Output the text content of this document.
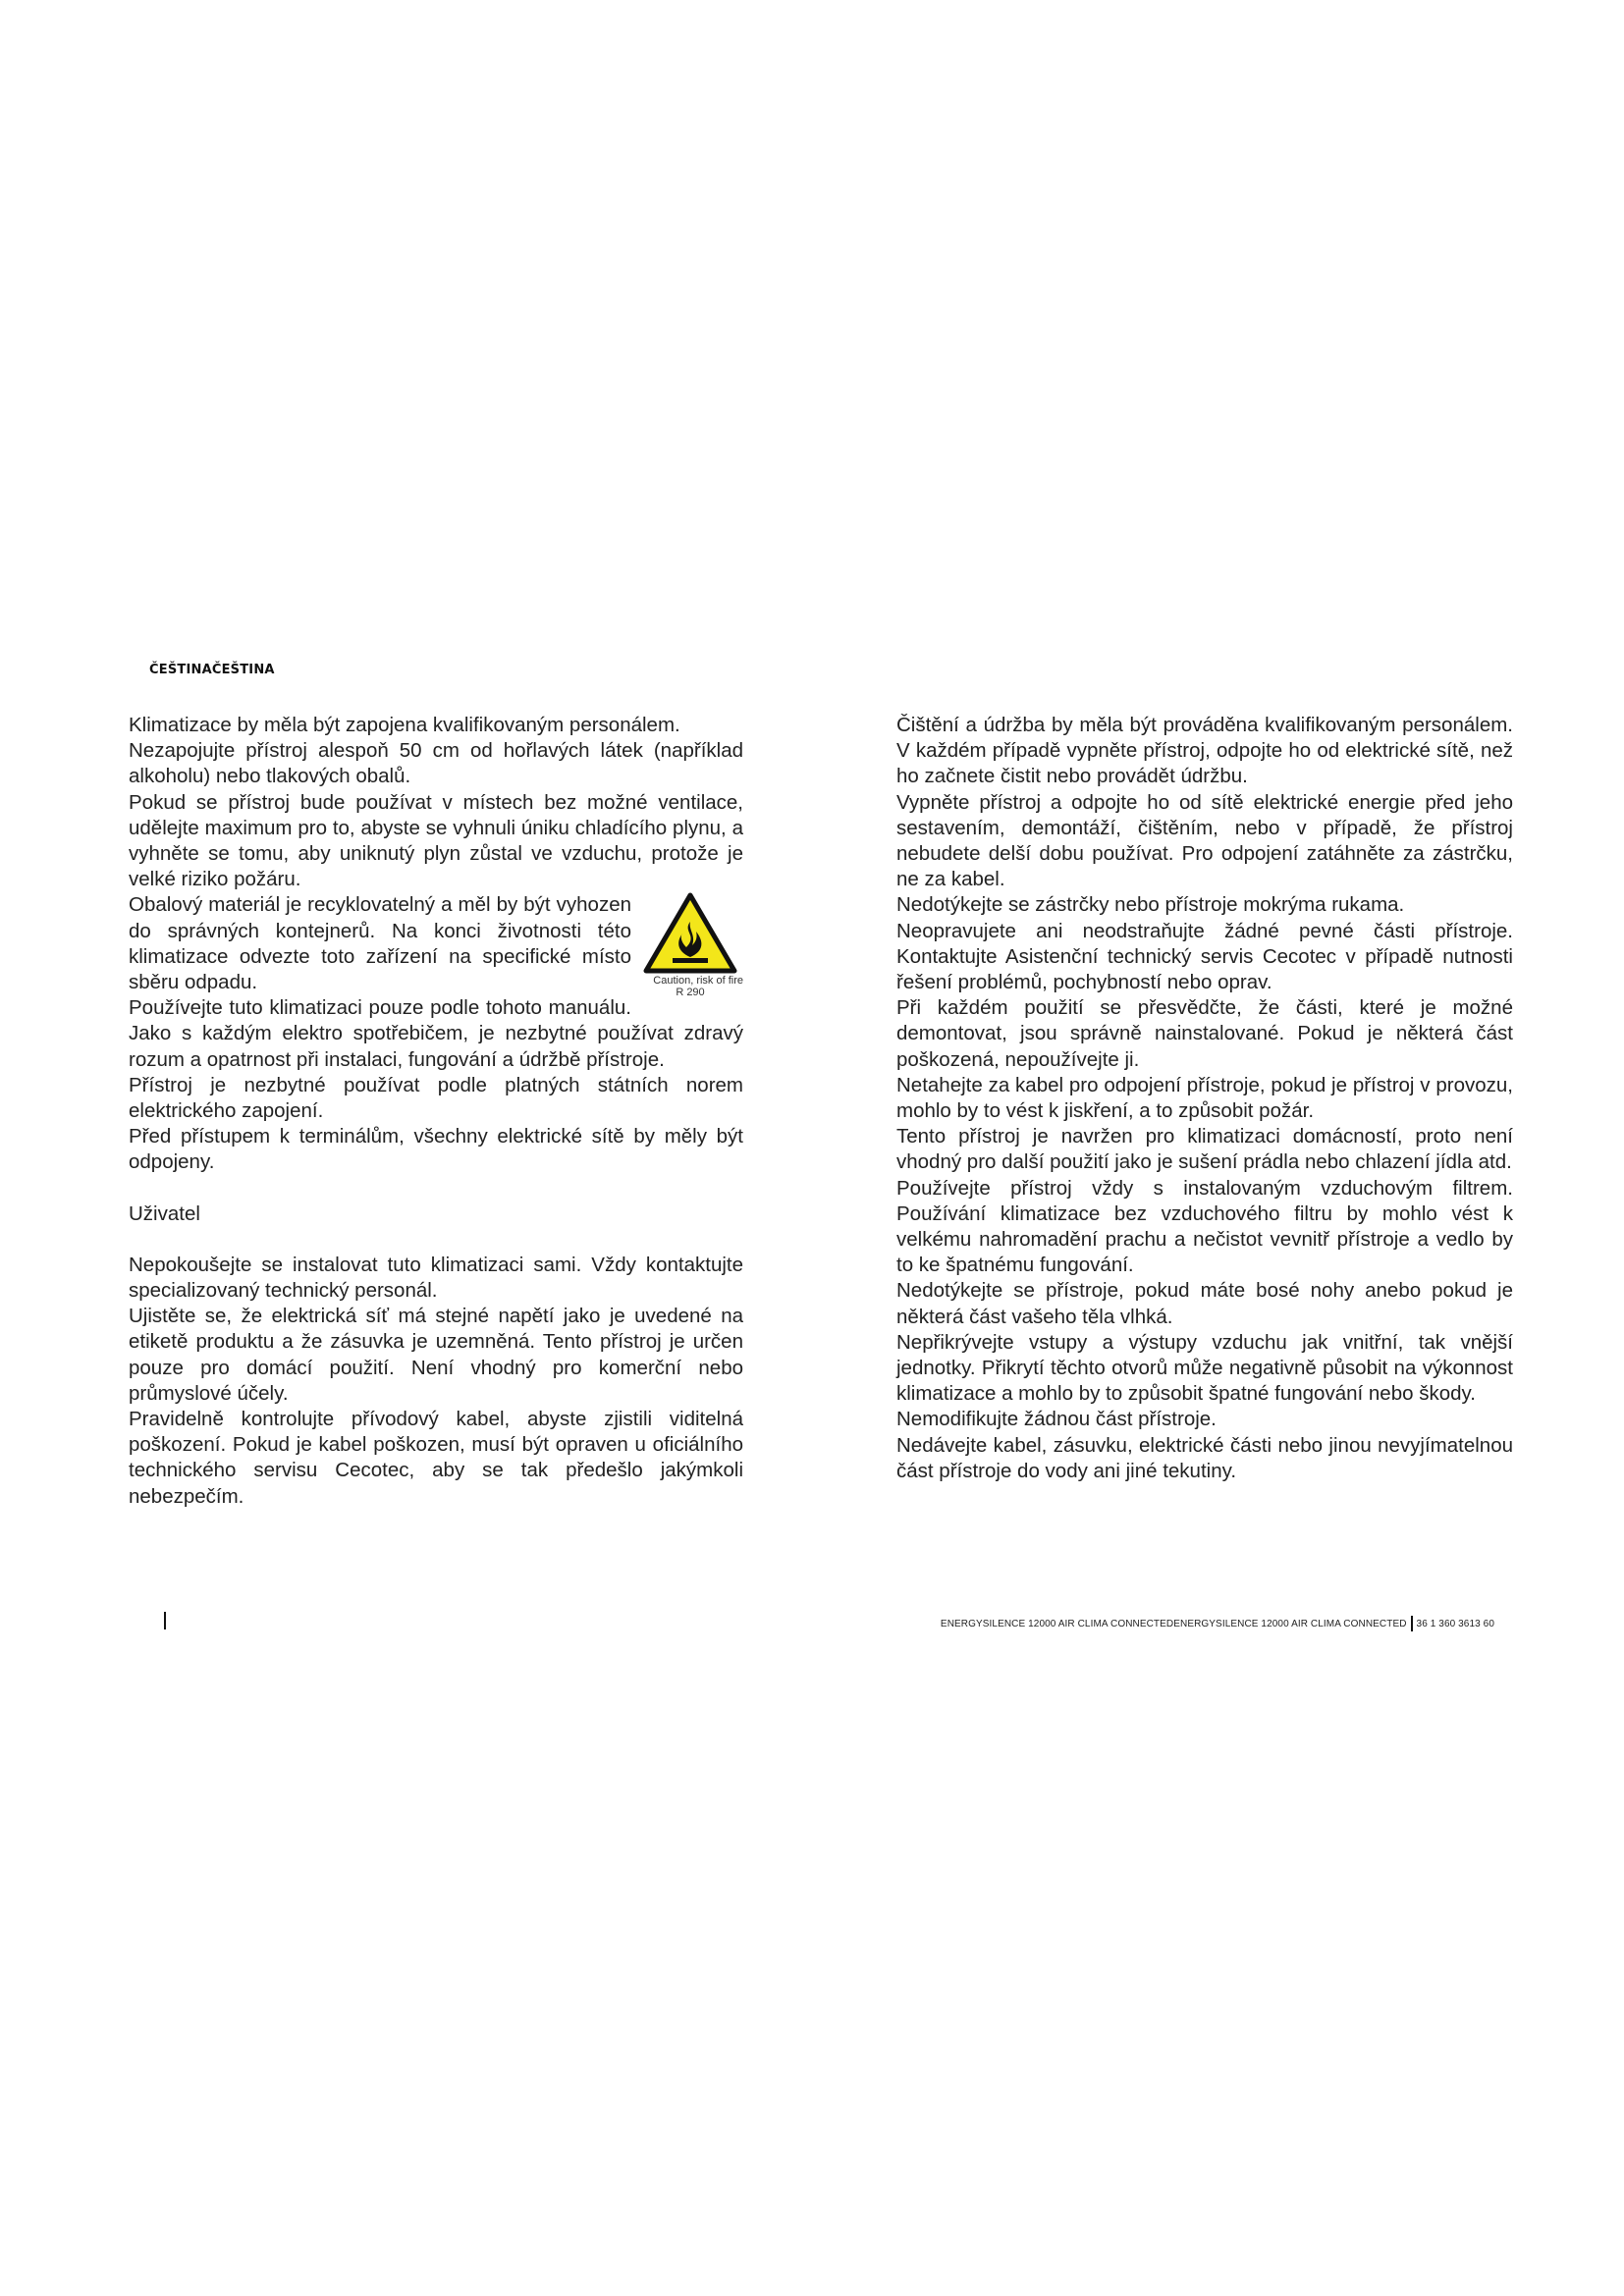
ČEŠTINAČEŠTINA

Klimatizace by měla být zapojena kvalifikovaným personálem.

Nezapojujte přístroj alespoň 50 cm od hořlavých látek (například alkoholu) nebo tlakových obalů.

Pokud se přístroj bude používat v místech bez možné ventilace, udělejte maximum pro to, abyste se vyhnuli úniku chladícího plynu, a vyhněte se tomu, aby uniknutý plyn zůstal ve vzduchu, protože je velké riziko požáru.

Caution, risk of fire
R 290

Obalový materiál je recyklovatelný a měl by být vyhozen do správných kontejnerů. Na konci životnosti této klimatizace odvezte toto zařízení na specifické místo sběru odpadu.

Používejte tuto klimatizaci pouze podle tohoto manuálu. Jako s každým elektro spotřebičem, je nezbytné používat zdravý rozum a opatrnost při instalaci, fungování a údržbě přístroje.

Přístroj je nezbytné používat podle platných státních norem elektrického zapojení.

Před přístupem k terminálům, všechny elektrické sítě by měly být odpojeny.

Uživatel

Nepokoušejte se instalovat tuto klimatizaci sami. Vždy kontaktujte specializovaný technický personál.

Ujistěte se, že elektrická síť má stejné napětí jako je uvedené na etiketě produktu a že zásuvka je uzemněná. Tento přístroj je určen pouze pro domácí použití. Není vhodný pro komerční nebo průmyslové účely.

Pravidelně kontrolujte přívodový kabel, abyste zjistili viditelná poškození. Pokud je kabel poškozen, musí být opraven u oficiálního technického servisu Cecotec, aby se tak předešlo jakýmkoli nebezpečím.

Čištění a údržba by měla být prováděna kvalifikovaným personálem. V každém případě vypněte přístroj, odpojte ho od elektrické sítě, než ho začnete čistit nebo provádět údržbu.

Vypněte přístroj a odpojte ho od sítě elektrické energie před jeho sestavením, demontáží, čištěním, nebo v případě, že přístroj nebudete delší dobu používat. Pro odpojení zatáhněte za zástrčku, ne za kabel.

Nedotýkejte se zástrčky nebo přístroje mokrýma rukama.

Neopravujete ani neodstraňujte žádné pevné části přístroje. Kontaktujte Asistenční technický servis Cecotec v případě nutnosti řešení problémů, pochybností nebo oprav.

Při každém použití se přesvědčte, že části, které je možné demontovat, jsou správně nainstalované. Pokud je některá část poškozená, nepoužívejte ji.

Netahejte za kabel pro odpojení přístroje, pokud je přístroj v provozu, mohlo by to vést k jiskření, a to způsobit požár.

Tento přístroj je navržen pro klimatizaci domácností, proto není vhodný pro další použití jako je sušení prádla nebo chlazení jídla atd.

Používejte přístroj vždy s instalovaným vzduchovým filtrem. Používání klimatizace bez vzduchového filtru by mohlo vést k velkému nahromadění prachu a nečistot vevnitř přístroje a vedlo by to ke špatnému fungování.

Nedotýkejte se přístroje, pokud máte bosé nohy anebo pokud je některá část vašeho těla vlhká.

Nepřikrývejte vstupy a výstupy vzduchu jak vnitřní, tak vnější jednotky. Přikrytí těchto otvorů může negativně působit na výkonnost klimatizace a mohlo by to způsobit špatné fungování nebo škody.

Nemodifikujte žádnou část přístroje.

Nedávejte kabel, zásuvku, elektrické části nebo jinou nevyjímatelnou část přístroje do vody ani jiné tekutiny.

ENERGYSILENCE 12000 AIR CLIMA CONNECTEDENERGYSILENCE 12000 AIR CLIMA CONNECTED 36 1 360 3613 60
